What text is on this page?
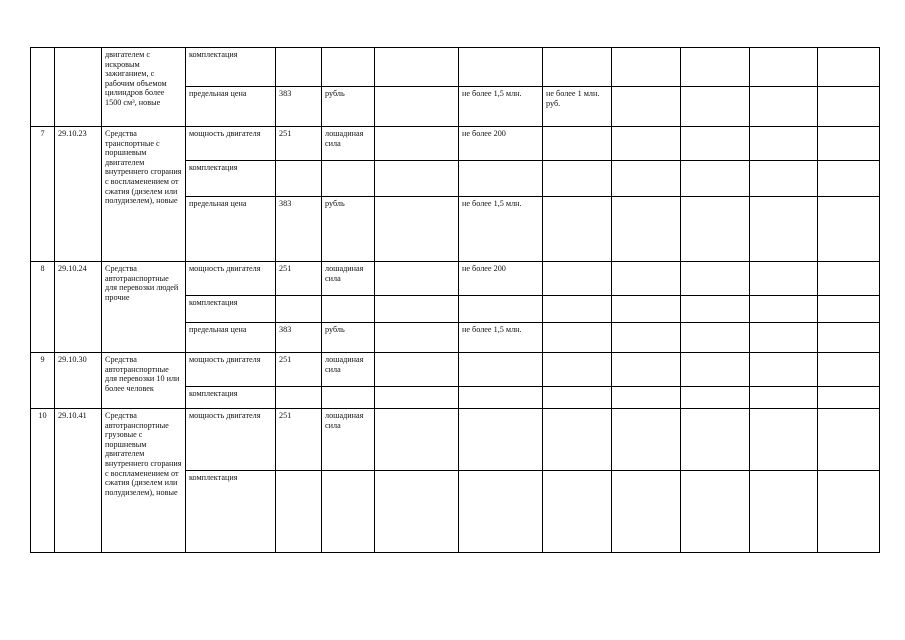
		двигателем с искровым зажиганием, с рабочим объемом цилиндров более 1500 см³, новые	комплектация									
			предельная цена	383	рубль		не более 1,5 млн.	не более 1 млн. руб.				
7	29.10.23	Средства транспортные с поршневым двигателем внутреннего сгорания с воспламенением от сжатия (дизелем или полудизелем), новые	мощность двигателя	251	лошадиная сила		не более 200					
			комплектация									
			предельная цена	383	рубль		не более 1,5 млн.					
8	29.10.24	Средства автотранспортные для перевозки людей прочие	мощность двигателя	251	лошадиная сила		не более 200					
			комплектация									
			предельная цена	383	рубль		не более 1,5 млн.					
9	29.10.30	Средства автотранспортные для перевозки 10 или более человек	мощность двигателя	251	лошадиная сила							
			комплектация									
10	29.10.41	Средства автотранспортные грузовые с поршневым двигателем внутреннего сгорания с воспламенением от сжатия (дизелем или полудизелем), новые	мощность двигателя	251	лошадиная сила							
			комплектация									
